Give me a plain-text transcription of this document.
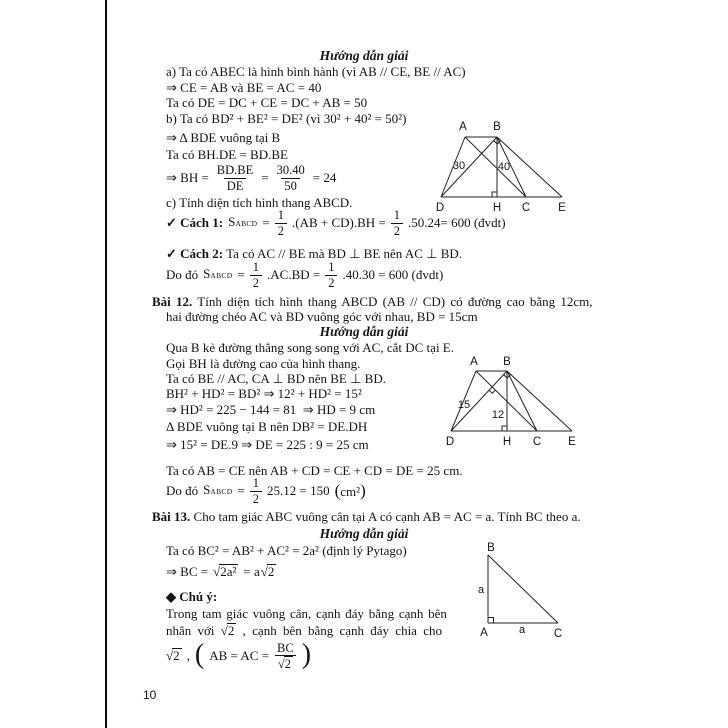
Hướng dẫn giải
a) Ta có ABEC là hình bình hành (vì AB // CE, BE // AC)
⇒ CE = AB và BE = AC = 40
Ta có DE = DC + CE = DC + AB = 50
b) Ta có BD² + BE² = DE² (vì 30² + 40² = 50²)
⇒ Δ BDE vuông tại B
Ta có BH.DE = BD.BE
⇒ BH = $\frac{BD.BE}{DE} = \frac{30.40}{50} = 24$
c) Tính diện tích hình thang ABCD.
✓ Cách 1: S ABCD = $\frac{1}{2} .(AB + CD).BH = \frac{1}{2} .50.24= 600$ (đvdt)
✓ Cách 2: Ta có AC // BE mà BD ⊥ BE nên AC ⊥ BD.
Do đó S ABCD = $\frac{1}{2} .AC.BD = \frac{1}{2} .40.30 = 600$ (đvdt)
Bài 12. Tính diện tích hình thang ABCD (AB // CD) có đường cao bằng 12cm,
hai đường chéo AC và BD vuông góc với nhau, BD = 15cm
Hướng dẫn giải
Qua B kẻ đường thẳng song song với AC, cắt DC tại E.
Gọi BH là đường cao của hình thang.
Ta có BE // AC, CA ⊥ BD nên BE ⊥ BD.
BH² + HD² = BD² ⇒ 12² + HD² = 15²
⇒ HD² = 225 − 144 = 81  ⇒ HD = 9 cm
Δ BDE vuông tại B nên DB² = DE.DH
⇒ 15² = DE.9 ⇒ DE = 225 : 9 = 25 cm
Ta có AB = CE nên AB + CD = CE + CD = DE = 25 cm.
Do đó S ABCD = $\frac{1}{2} 25.12 = 150$ ( cm² )
Bài 13. Cho tam giác ABC vuông cân tại A có cạnh AB = AC = a. Tính BC theo a.
Hướng dẫn giải
Ta có BC² = AB² + AC² = 2a² (định lý Pytago)
⇒ BC = √ 2a² = a √ 2
◆ Chú ý:
Trong tam giác vuông cân, cạnh đáy bằng cạnh bên
nhân với √ 2 , cạnh bên bằng cạnh đáy chia cho
√ 2 , ( AB = AC = $\frac{BC}{√2}$ )
10
A B
D	H C E
30	40
A B
D	H C E
15
12
B
A	C
a
a
